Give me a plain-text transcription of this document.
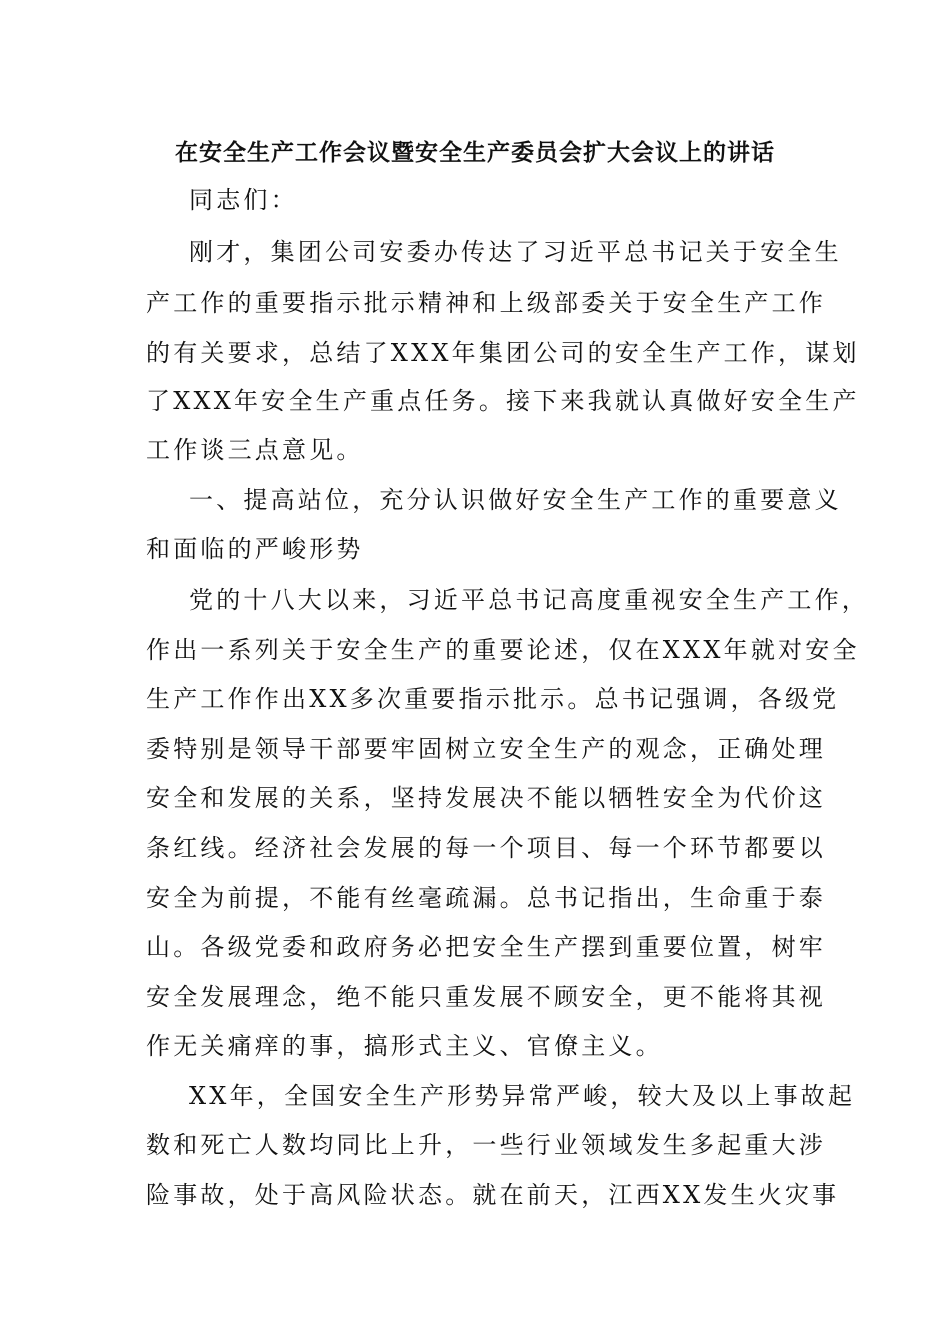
在安全生产工作会议暨安全生产委员会扩大会议上的讲话
同志们：
刚才，集团公司安委办传达了习近平总书记关于安全生
产工作的重要指示批示精神和上级部委关于安全生产工作
的有关要求，总结了XXX年集团公司的安全生产工作，谋划
了XXX年安全生产重点任务。接下来我就认真做好安全生产
工作谈三点意见。
一、提高站位，充分认识做好安全生产工作的重要意义
和面临的严峻形势
党的十八大以来，习近平总书记高度重视安全生产工作，
作出一系列关于安全生产的重要论述，仅在XXX年就对安全
生产工作作出XX多次重要指示批示。总书记强调，各级党
委特别是领导干部要牢固树立安全生产的观念，正确处理
安全和发展的关系，坚持发展决不能以牺牲安全为代价这
条红线。经济社会发展的每一个项目、每一个环节都要以
安全为前提，不能有丝毫疏漏。总书记指出，生命重于泰
山。各级党委和政府务必把安全生产摆到重要位置，树牢
安全发展理念，绝不能只重发展不顾安全，更不能将其视
作无关痛痒的事，搞形式主义、官僚主义。
XX年，全国安全生产形势异常严峻，较大及以上事故起
数和死亡人数均同比上升，一些行业领域发生多起重大涉
险事故，处于高风险状态。就在前天，江西XX发生火灾事
